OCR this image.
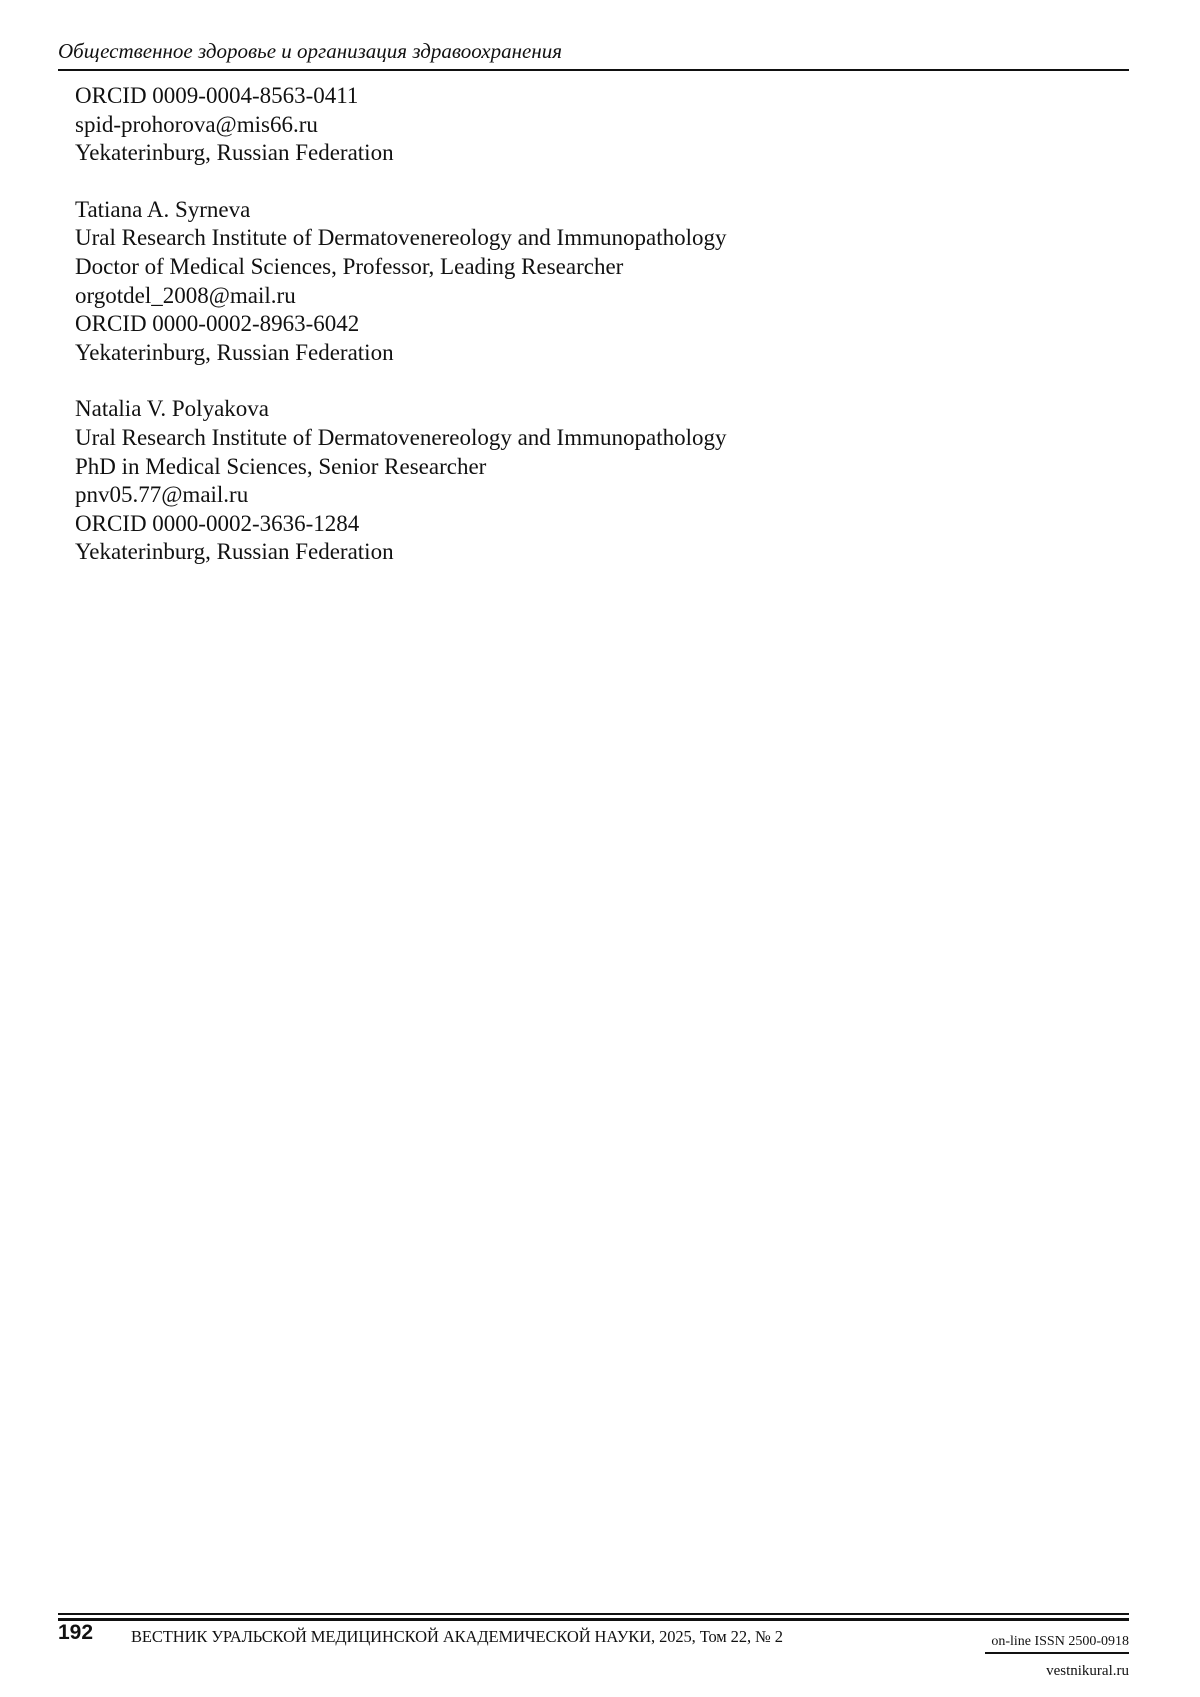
Общественное здоровье и организация здравоохранения
ORCID 0009-0004-8563-0411
spid-prohorova@mis66.ru
Yekaterinburg, Russian Federation
Tatiana A. Syrneva
Ural Research Institute of Dermatovenereology and Immunopathology
Doctor of Medical Sciences, Professor, Leading Researcher
orgotdel_2008@mail.ru
ORCID 0000-0002-8963-6042
Yekaterinburg, Russian Federation
Natalia V. Polyakova
Ural Research Institute of Dermatovenereology and Immunopathology
PhD in Medical Sciences, Senior Researcher
pnv05.77@mail.ru
ORCID 0000-0002-3636-1284
Yekaterinburg, Russian Federation
192 ВЕСТНИК УРАЛЬСКОЙ МЕДИЦИНСКОЙ АКАДЕМИЧЕСКОЙ НАУКИ, 2025, Том 22, № 2	on-line ISSN 2500-0918
vestnikural.ru
